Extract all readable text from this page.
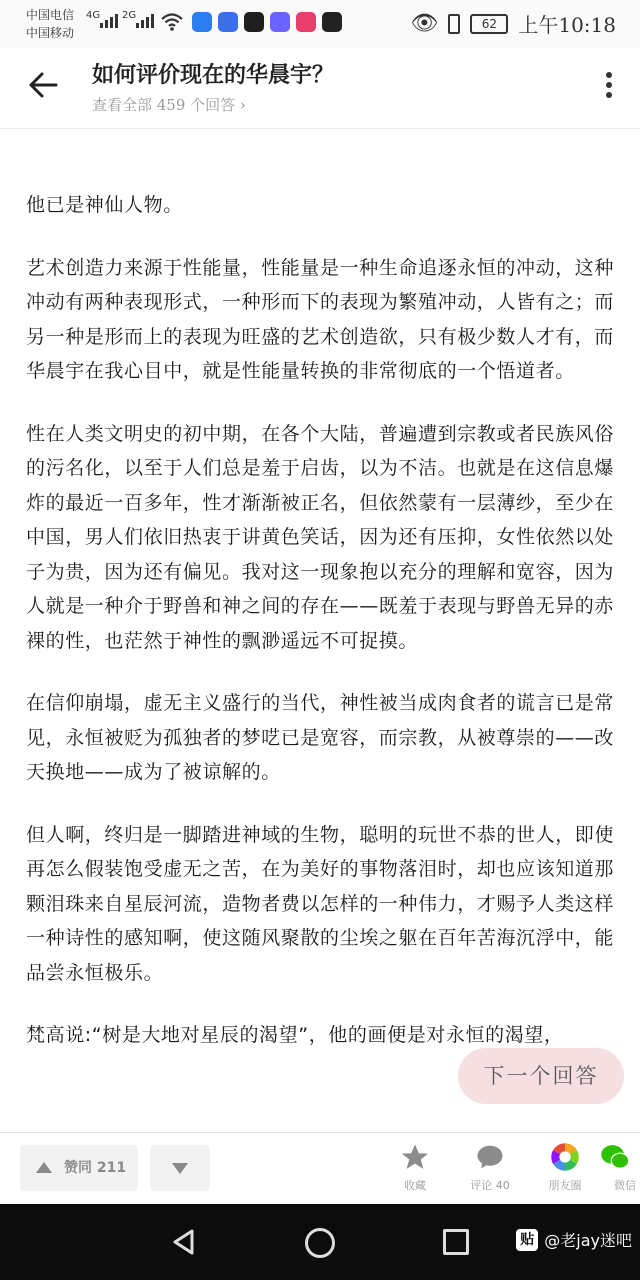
中国电信
中国移动
4G 2G	👁	62	上午10:18
如何评价现在的华晨宇？
查看全部 459 个回答 ›

他已是神仙人物。

艺术创造力来源于性能量，性能量是一种生命追逐永恒的冲动，这种冲动有两种表现形式，一种形而下的表现为繁殖冲动，人皆有之；而另一种是形而上的表现为旺盛的艺术创造欲，只有极少数人才有，而华晨宇在我心目中，就是性能量转换的非常彻底的一个悟道者。

性在人类文明史的初中期，在各个大陆，普遍遭到宗教或者民族风俗的污名化，以至于人们总是羞于启齿，以为不洁。也就是在这信息爆炸的最近一百多年，性才渐渐被正名，但依然蒙有一层薄纱，至少在中国，男人们依旧热衷于讲黄色笑话，因为还有压抑，女性依然以处子为贵，因为还有偏见。我对这一现象抱以充分的理解和宽容，因为人就是一种介于野兽和神之间的存在——既羞于表现与野兽无异的赤裸的性，也茫然于神性的飘渺遥远不可捉摸。

在信仰崩塌，虚无主义盛行的当代，神性被当成肉食者的谎言已是常见，永恒被贬为孤独者的梦呓已是宽容，而宗教，从被尊崇的——改天换地——成为了被谅解的。

但人啊，终归是一脚踏进神域的生物，聪明的玩世不恭的世人，即使再怎么假装饱受虚无之苦，在为美好的事物落泪时，却也应该知道那颗泪珠来自星辰河流，造物者费以怎样的一种伟力，才赐予人类这样一种诗性的感知啊，使这随风聚散的尘埃之躯在百年苦海沉浮中，能品尝永恒极乐。

梵高说:“树是大地对星辰的渴望”，他的画便是对永恒的渴望，

下一个回答
赞同 211
收藏	评论 40	朋友圈	微信
贴 @老jay迷吧
